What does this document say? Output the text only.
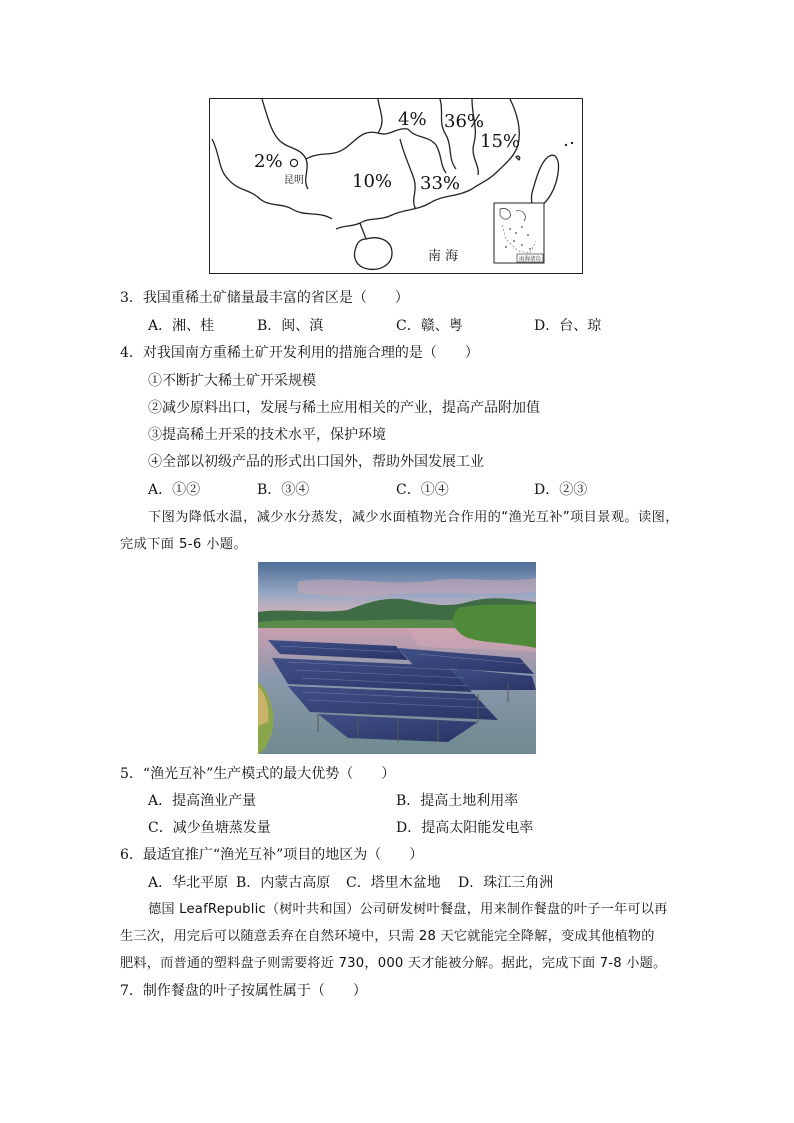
南海诸岛
2%
昆明	10%
4% 36%
15%
33%
南 海
3．我国重稀土矿储量最丰富的省区是（　　）
A．湘、桂	B．闽、滇	C．赣、粤	D．台、琼
4．对我国南方重稀土矿开发利用的措施合理的是（　　）
①不断扩大稀土矿开采规模
②减少原料出口，发展与稀土应用相关的产业，提高产品附加值
③提高稀土开采的技术水平，保护环境
④全部以初级产品的形式出口国外，帮助外国发展工业
A．①②	B．③④	C．①④	D．②③
下图为降低水温，减少水分蒸发，减少水面植物光合作用的“渔光互补”项目景观。读图，
完成下面 5-6 小题。
5．“渔光互补”生产模式的最大优势（　　）
A．提高渔业产量	B．提高土地利用率
C．减少鱼塘蒸发量	D．提高太阳能发电率
6．最适宜推广“渔光互补”项目的地区为（　　）
A．华北平原 B．内蒙古高原 C．塔里木盆地 D．珠江三角洲
德国 LeafRepublic（树叶共和国）公司研发树叶餐盘，用来制作餐盘的叶子一年可以再
生三次，用完后可以随意丢弃在自然环境中，只需 28 天它就能完全降解，变成其他植物的
肥料，而普通的塑料盘子则需要将近 730，000 天才能被分解。据此，完成下面 7-8 小题。
7．制作餐盘的叶子按属性属于（　　）
